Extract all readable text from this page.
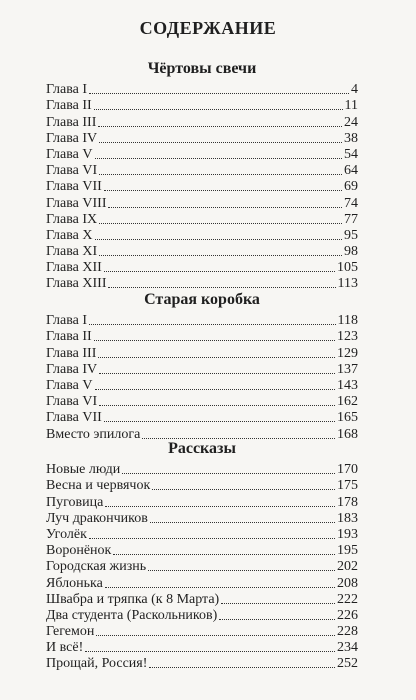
СОДЕРЖАНИЕ
Чёртовы свечи
Глава I	4
Глава II	11
Глава III	24
Глава IV	38
Глава V	54
Глава VI	64
Глава VII	69
Глава VIII	74
Глава IX	77
Глава X	95
Глава XI	98
Глава XII	105
Глава XIII	113
Старая коробка
Глава I	118
Глава II	123
Глава III	129
Глава IV	137
Глава V	143
Глава VI	162
Глава VII	165
Вместо эпилога	168
Рассказы
Новые люди	170
Весна и червячок	175
Пуговица	178
Луч дракончиков	183
Уголёк	193
Воронёнок	195
Городская жизнь	202
Яблонька	208
Швабра и тряпка (к 8 Марта)	222
Два студента (Раскольников)	226
Гегемон	228
И всё!	234
Прощай, Россия!	252
